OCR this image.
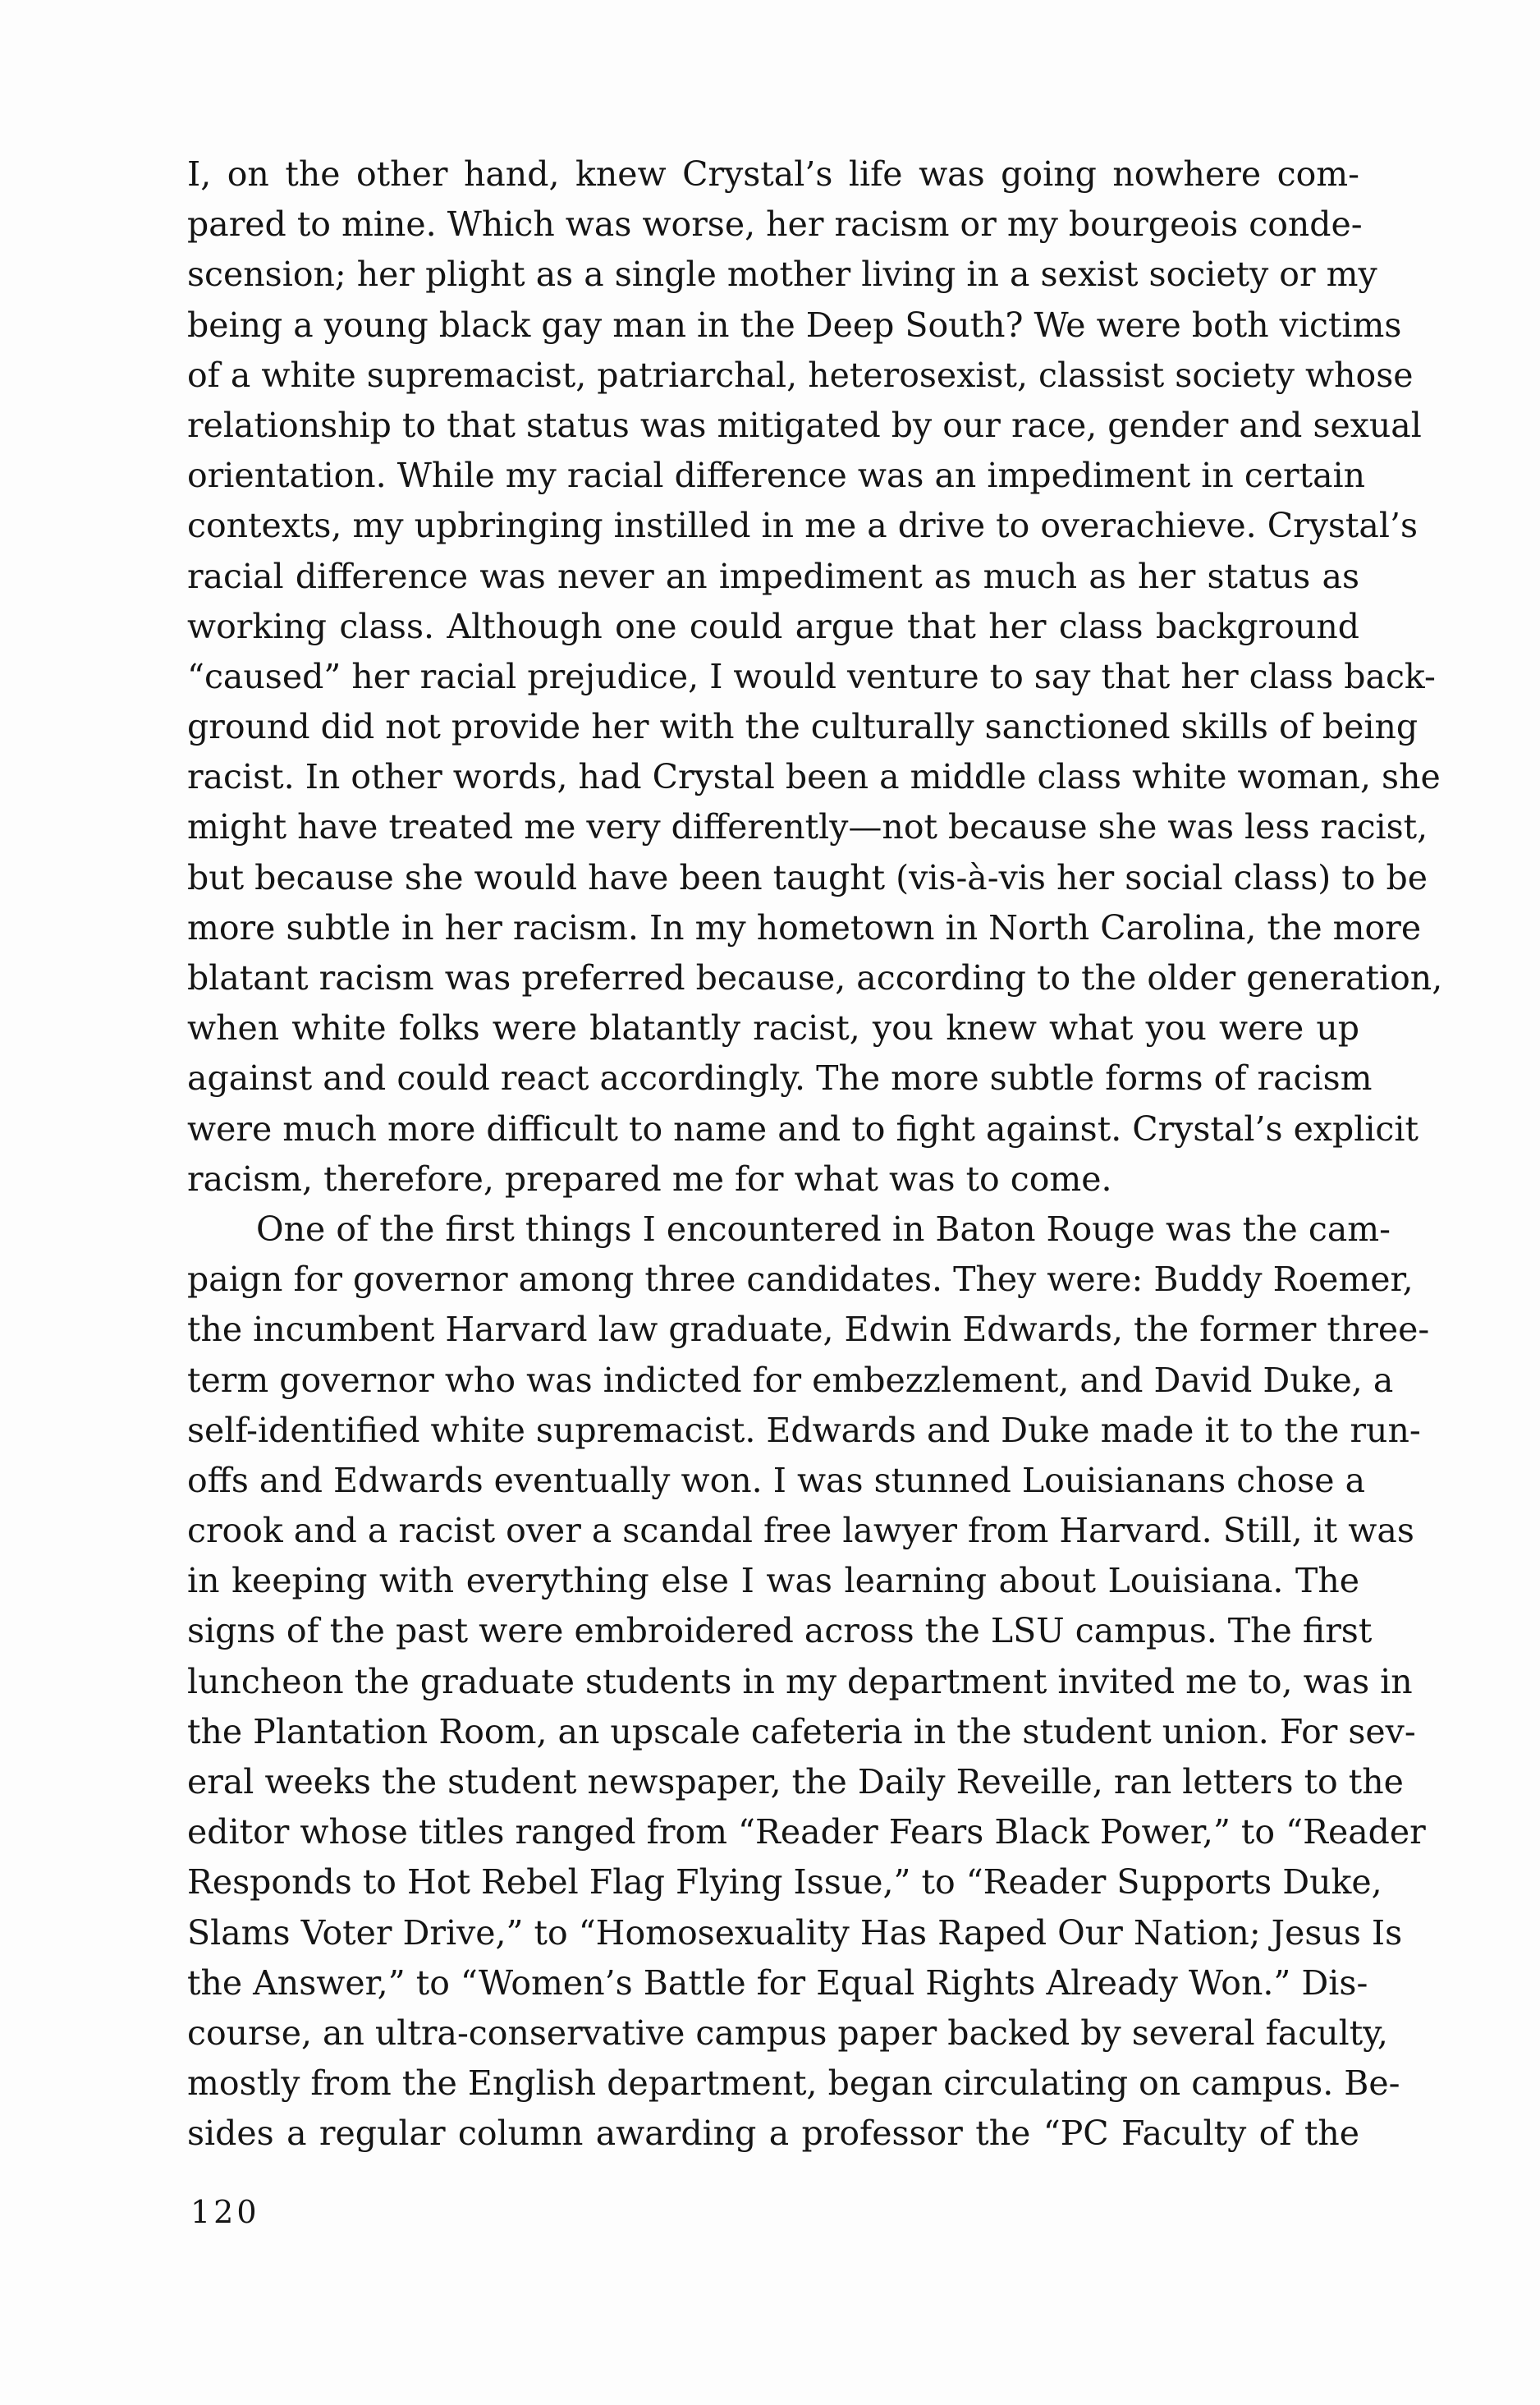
I, on the other hand, knew Crystal’s life was going nowhere com-
pared to mine. Which was worse, her racism or my bourgeois conde-
scension; her plight as a single mother living in a sexist society or my
being a young black gay man in the Deep South? We were both victims
of a white supremacist, patriarchal, heterosexist, classist society whose
relationship to that status was mitigated by our race, gender and sexual
orientation. While my racial difference was an impediment in certain
contexts, my upbringing instilled in me a drive to overachieve. Crystal’s
racial difference was never an impediment as much as her status as
working class. Although one could argue that her class background
“caused” her racial prejudice, I would venture to say that her class back-
ground did not provide her with the culturally sanctioned skills of being
racist. In other words, had Crystal been a middle class white woman, she
might have treated me very differently—not because she was less racist,
but because she would have been taught (vis-à-vis her social class) to be
more subtle in her racism. In my hometown in North Carolina, the more
blatant racism was preferred because, according to the older generation,
when white folks were blatantly racist, you knew what you were up
against and could react accordingly. The more subtle forms of racism
were much more difficult to name and to fight against. Crystal’s explicit
racism, therefore, prepared me for what was to come.
One of the first things I encountered in Baton Rouge was the cam-
paign for governor among three candidates. They were: Buddy Roemer,
the incumbent Harvard law graduate, Edwin Edwards, the former three-
term governor who was indicted for embezzlement, and David Duke, a
self-identified white supremacist. Edwards and Duke made it to the run-
offs and Edwards eventually won. I was stunned Louisianans chose a
crook and a racist over a scandal free lawyer from Harvard. Still, it was
in keeping with everything else I was learning about Louisiana. The
signs of the past were embroidered across the LSU campus. The first
luncheon the graduate students in my department invited me to, was in
the Plantation Room, an upscale cafeteria in the student union. For sev-
eral weeks the student newspaper, the Daily Reveille, ran letters to the
editor whose titles ranged from “Reader Fears Black Power,” to “Reader
Responds to Hot Rebel Flag Flying Issue,” to “Reader Supports Duke,
Slams Voter Drive,” to “Homosexuality Has Raped Our Nation; Jesus Is
the Answer,” to “Women’s Battle for Equal Rights Already Won.” Dis-
course, an ultra-conservative campus paper backed by several faculty,
mostly from the English department, began circulating on campus. Be-
sides a regular column awarding a professor the “PC Faculty of the
120
